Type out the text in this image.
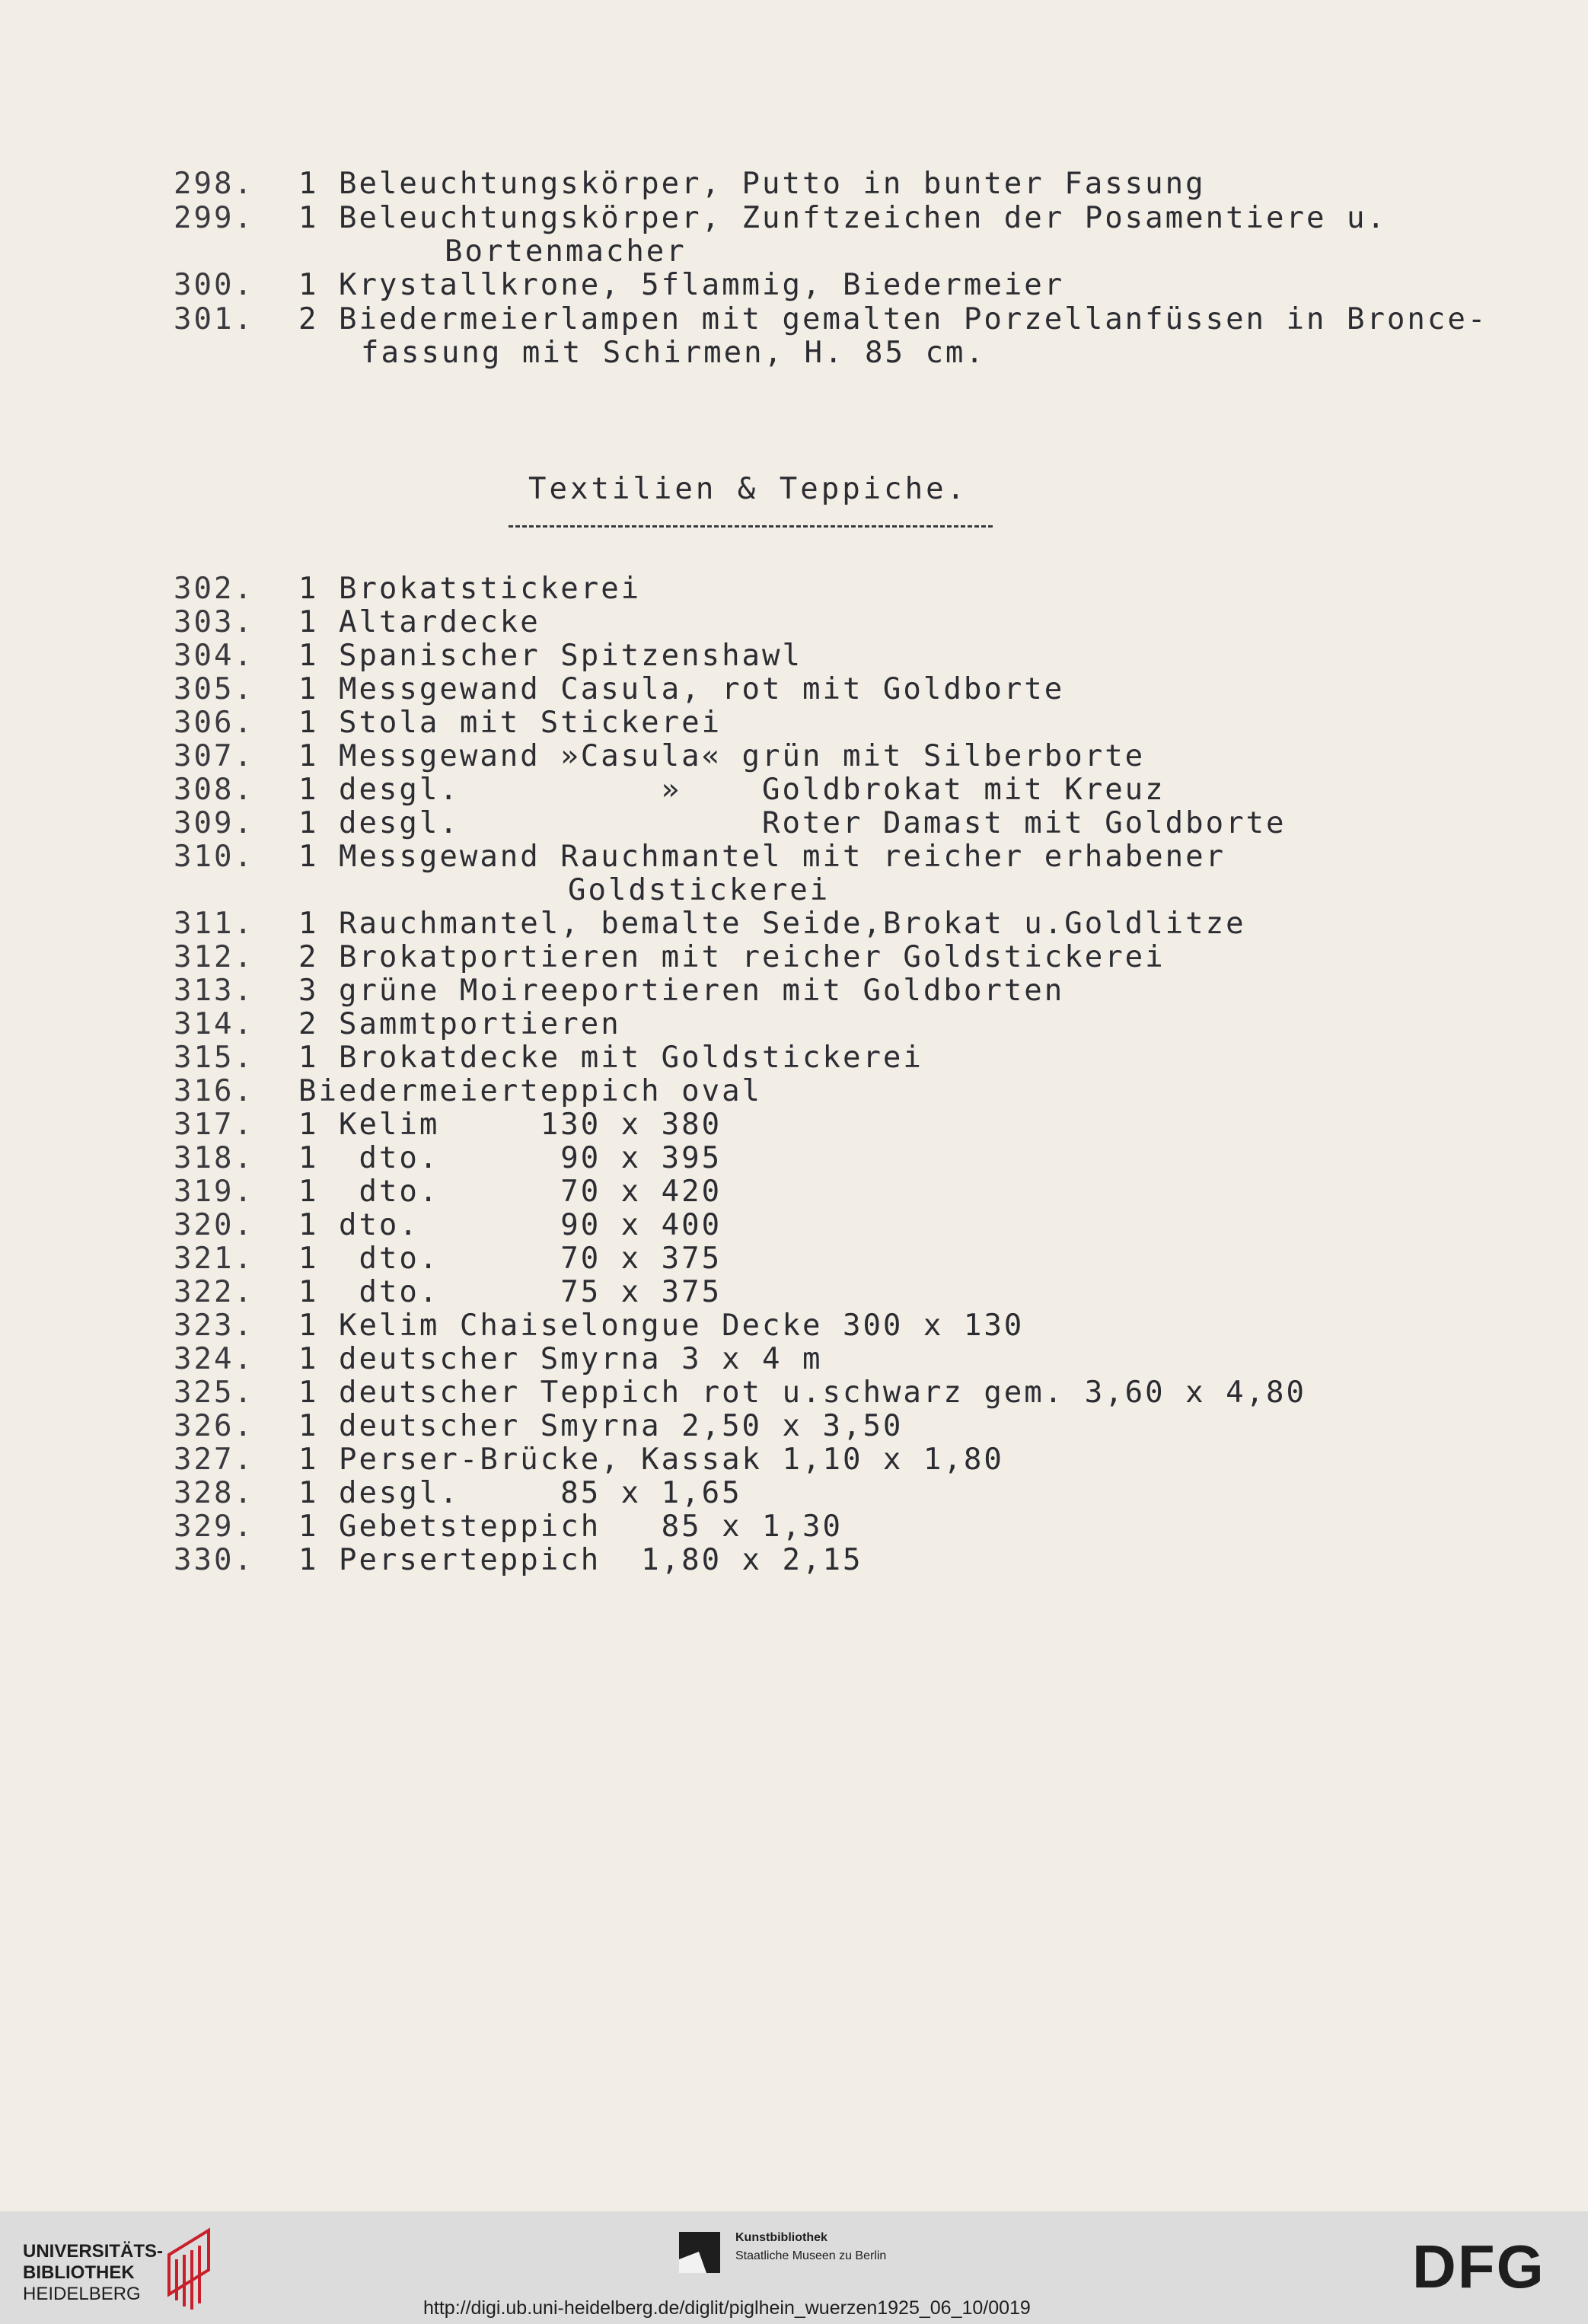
298. 1 Beleuchtungskörper, Putto in bunter Fassung
299. 1 Beleuchtungskörper, Zunftzeichen der Posamentiere u.
Bortenmacher
300. 1 Krystallkrone, 5flammig, Biedermeier
301. 2 Biedermeierlampen mit gemalten Porzellanfüssen in Bronce-
fassung mit Schirmen, H. 85 cm.
Textilien & Teppiche.
302. 1 Brokatstickerei
303. 1 Altardecke
304. 1 Spanischer Spitzenshawl
305. 1 Messgewand Casula, rot mit Goldborte
306. 1 Stola mit Stickerei
307. 1 Messgewand »Casula« grün mit Silberborte
308. 1 desgl.          »    Goldbrokat mit Kreuz
309. 1 desgl.               Roter Damast mit Goldborte
310. 1 Messgewand Rauchmantel mit reicher erhabener
Goldstickerei
311. 1 Rauchmantel, bemalte Seide,Brokat u.Goldlitze
312. 2 Brokatportieren mit reicher Goldstickerei
313. 3 grüne Moireeportieren mit Goldborten
314. 2 Sammtportieren
315. 1 Brokatdecke mit Goldstickerei
316. Biedermeierteppich oval
317. 1 Kelim     130 x 380
318. 1  dto.      90 x 395
319. 1  dto.      70 x 420
320. 1 dto.       90 x 400
321. 1  dto.      70 x 375
322. 1  dto.      75 x 375
323. 1 Kelim Chaiselongue Decke 300 x 130
324. 1 deutscher Smyrna 3 x 4 m
325. 1 deutscher Teppich rot u.schwarz gem. 3,60 x 4,80
326. 1 deutscher Smyrna 2,50 x 3,50
327. 1 Perser-Brücke, Kassak 1,10 x 1,80
328. 1 desgl.     85 x 1,65
329. 1 Gebetsteppich   85 x 1,30
330. 1 Perserteppich  1,80 x 2,15
UNIVERSITÄTS-
BIBLIOTHEK
HEIDELBERG
Kunstbibliothek
Staatliche Museen zu Berlin	DFG
http://digi.ub.uni-heidelberg.de/diglit/piglhein_wuerzen1925_06_10/0019
